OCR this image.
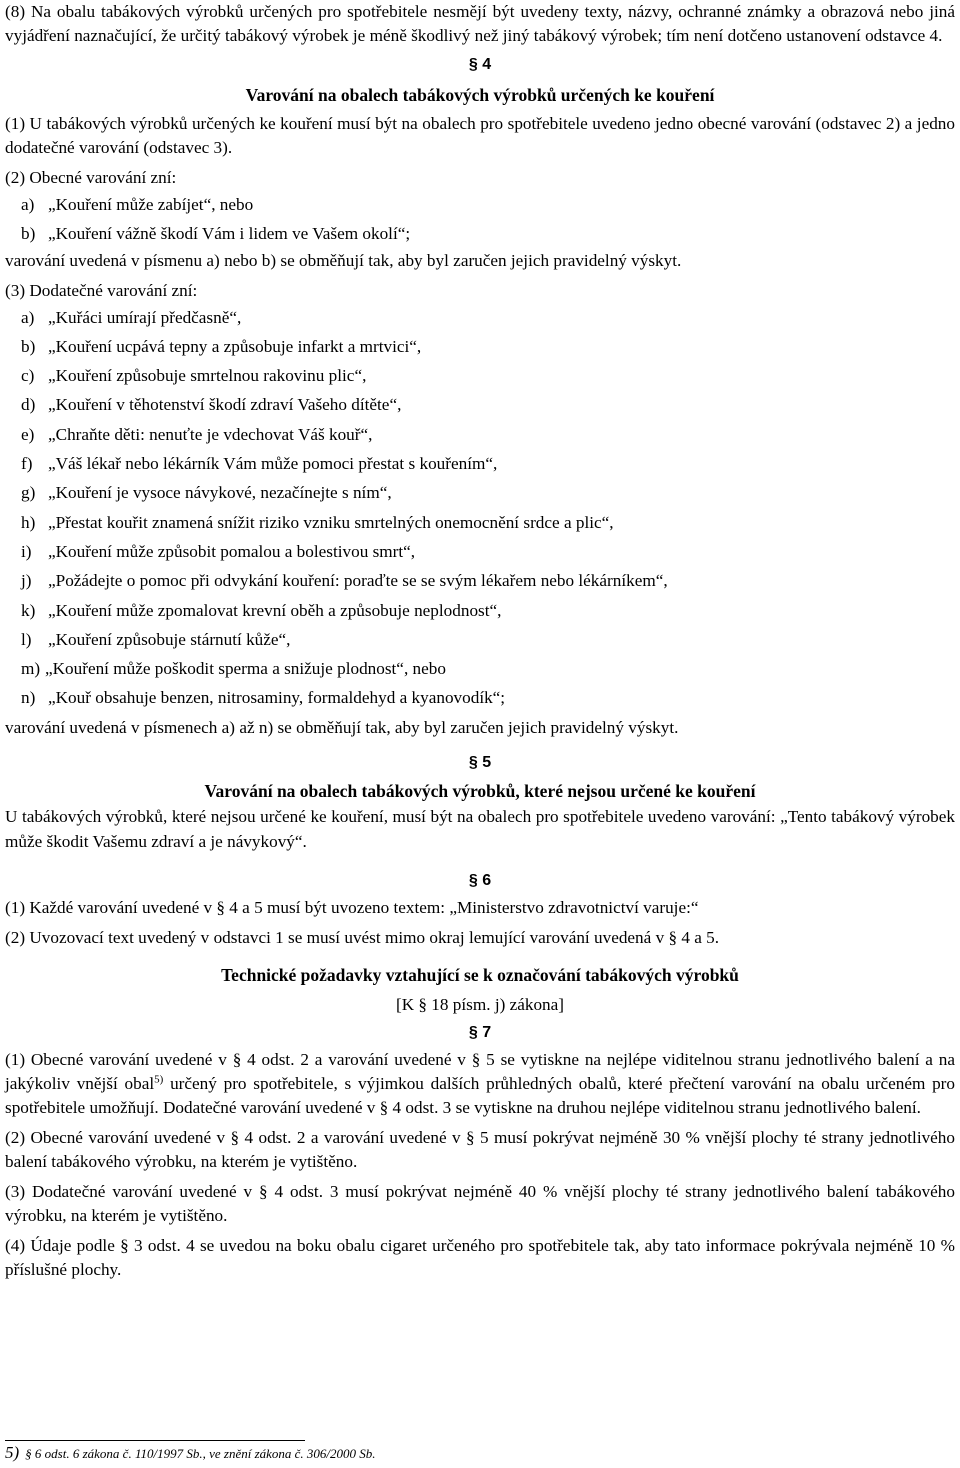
(8) Na obalu tabákových výrobků určených pro spotřebitele nesmějí být uvedeny texty, názvy, ochranné známky a obrazová nebo jiná vyjádření naznačující, že určitý tabákový výrobek je méně škodlivý než jiný tabákový výrobek; tím není dotčeno ustanovení odstavce 4.

§ 4

Varování na obalech tabákových výrobků určených ke kouření

(1) U tabákových výrobků určených ke kouření musí být na obalech pro spotřebitele uvedeno jedno obecné varování (odstavec 2) a jedno dodatečné varování (odstavec 3).

(2) Obecné varování zní:

a) „Kouření může zabíjet“, nebo
b) „Kouření vážně škodí Vám i lidem ve Vašem okolí“;

varování uvedená v písmenu a) nebo b) se obměňují tak, aby byl zaručen jejich pravidelný výskyt.

(3) Dodatečné varování zní:

a) „Kuřáci umírají předčasně“,
b) „Kouření ucpává tepny a způsobuje infarkt a mrtvici“,
c) „Kouření způsobuje smrtelnou rakovinu plic“,
d) „Kouření v těhotenství škodí zdraví Vašeho dítěte“,
e) „Chraňte děti: nenuťte je vdechovat Váš kouř“,
f) „Váš lékař nebo lékárník Vám může pomoci přestat s kouřením“,
g) „Kouření je vysoce návykové, nezačínejte s ním“,
h) „Přestat kouřit znamená snížit riziko vzniku smrtelných onemocnění srdce a plic“,
i) „Kouření může způsobit pomalou a bolestivou smrt“,
j) „Požádejte o pomoc při odvykání kouření: poraďte se se svým lékařem nebo lékárníkem“,
k) „Kouření může zpomalovat krevní oběh a způsobuje neplodnost“,
l) „Kouření způsobuje stárnutí kůže“,
m) „Kouření může poškodit sperma a snižuje plodnost“, nebo
n) „Kouř obsahuje benzen, nitrosaminy, formaldehyd a kyanovodík“;

varování uvedená v písmenech a) až n) se obměňují tak, aby byl zaručen jejich pravidelný výskyt.

§ 5

Varování na obalech tabákových výrobků, které nejsou určené ke kouření

U tabákových výrobků, které nejsou určené ke kouření, musí být na obalech pro spotřebitele uvedeno varování: „Tento tabákový výrobek může škodit Vašemu zdraví a je návykový“.

§ 6

(1) Každé varování uvedené v § 4 a 5 musí být uvozeno textem: „Ministerstvo zdravotnictví varuje:“

(2) Uvozovací text uvedený v odstavci 1 se musí uvést mimo okraj lemující varování uvedená v § 4 a 5.

Technické požadavky vztahující se k označování tabákových výrobků

[K § 18 písm. j) zákona]

§ 7

(1) Obecné varování uvedené v § 4 odst. 2 a varování uvedené v § 5 se vytiskne na nejlépe viditelnou stranu jednotlivého balení a na jakýkoliv vnější obal$^{5)}$ určený pro spotřebitele, s výjimkou dalších průhledných obalů, které přečtení varování na obalu určeném pro spotřebitele umožňují. Dodatečné varování uvedené v § 4 odst. 3 se vytiskne na druhou nejlépe viditelnou stranu jednotlivého balení.

(2) Obecné varování uvedené v § 4 odst. 2 a varování uvedené v § 5 musí pokrývat nejméně 30 % vnější plochy té strany jednotlivého balení tabákového výrobku, na kterém je vytištěno.

(3) Dodatečné varování uvedené v § 4 odst. 3 musí pokrývat nejméně 40 % vnější plochy té strany jednotlivého balení tabákového výrobku, na kterém je vytištěno.

(4) Údaje podle § 3 odst. 4 se uvedou na boku obalu cigaret určeného pro spotřebitele tak, aby tato informace pokrývala nejméně 10 % příslušné plochy.

5) § 6 odst. 6 zákona č. 110/1997 Sb., ve znění zákona č. 306/2000 Sb.
